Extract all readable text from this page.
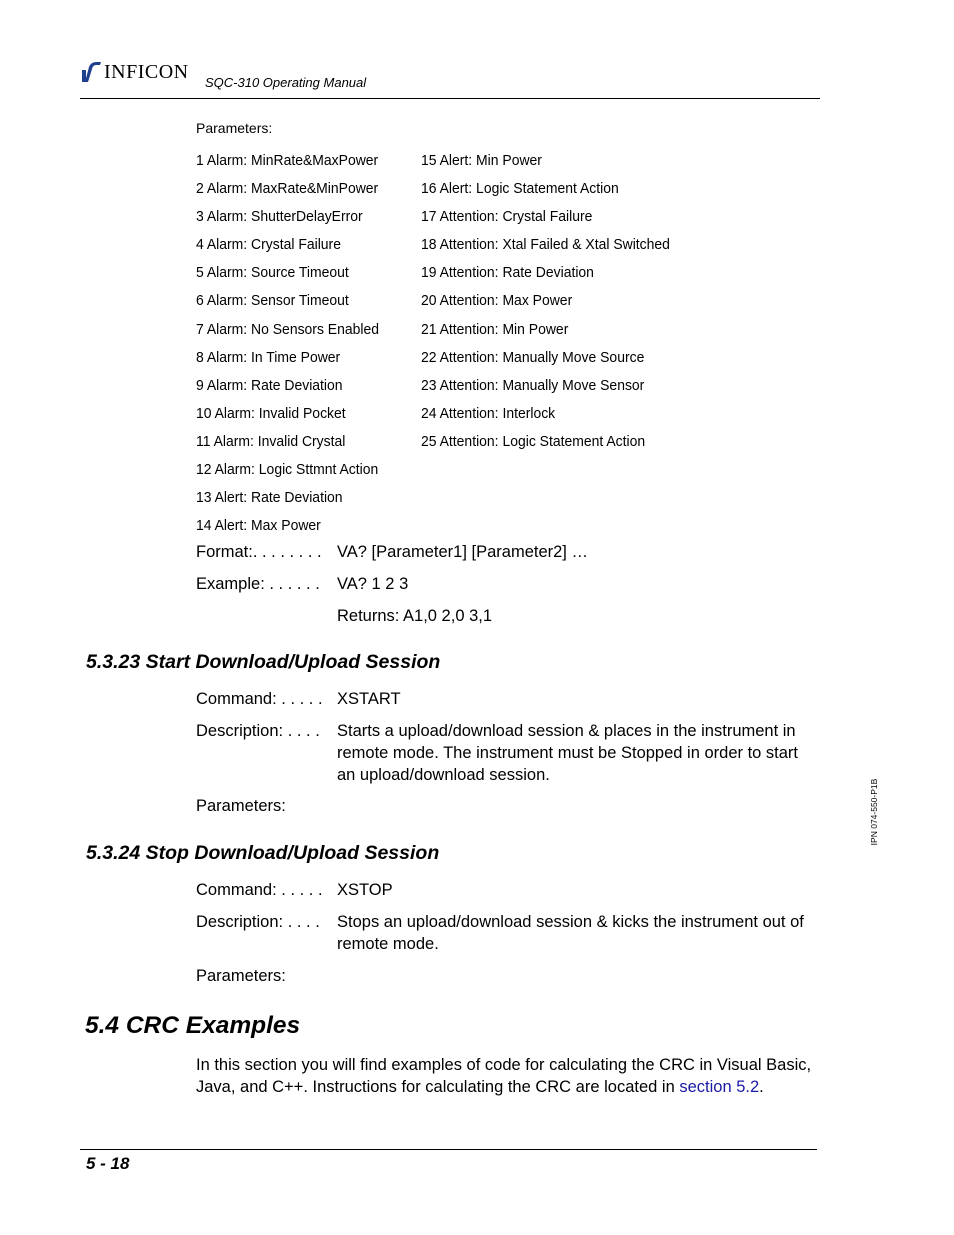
INFICON SQC-310 Operating Manual
Parameters:
1 Alarm: MinRate&MaxPower
2 Alarm: MaxRate&MinPower
3 Alarm: ShutterDelayError
4 Alarm: Crystal Failure
5 Alarm: Source Timeout
6 Alarm: Sensor Timeout
7 Alarm: No Sensors Enabled
8 Alarm: In Time Power
9 Alarm: Rate Deviation
10 Alarm: Invalid Pocket
11 Alarm: Invalid Crystal
12 Alarm: Logic Sttmnt Action
13 Alert: Rate Deviation
14 Alert: Max Power
15 Alert: Min Power
16 Alert: Logic Statement Action
17 Attention: Crystal Failure
18 Attention: Xtal Failed & Xtal Switched
19 Attention: Rate Deviation
20 Attention: Max Power
21 Attention: Min Power
22 Attention: Manually Move Source
23 Attention: Manually Move Sensor
24 Attention: Interlock
25 Attention: Logic Statement Action
Format:. . . . . . . . VA? [Parameter1] [Parameter2] …
Example: . . . . . .	VA? 1 2 3
Returns: A1,0 2,0 3,1
5.3.23 Start Download/Upload Session
Command: . . . . . XSTART
Description: . . . .	Starts a upload/download session & places in the instrument in remote mode. The instrument must be Stopped in order to start an upload/download session.
Parameters:
5.3.24 Stop Download/Upload Session
Command: . . . . . XSTOP
Description: . . . .	Stops an upload/download session & kicks the instrument out of remote mode.
Parameters:
5.4 CRC Examples
In this section you will find examples of code for calculating the CRC in Visual Basic, Java, and C++. Instructions for calculating the CRC are located in section 5.2.
5 - 18
IPN 074-550-P1B
